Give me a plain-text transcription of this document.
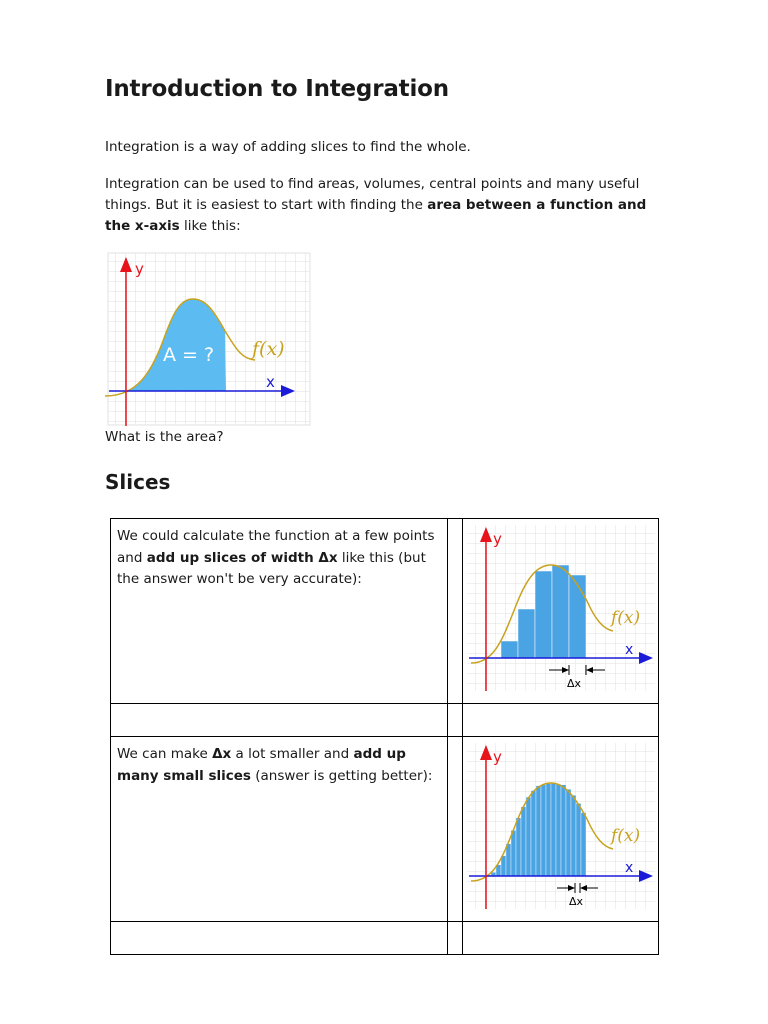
Introduction to Integration

Integration is a way of adding slices to find the whole.

Integration can be used to find areas, volumes, central points and many useful things. But it is easiest to start with finding the area between a function and the x-axis like this:

y
x
A = ? f(x)

What is the area?

Slices
We could calculate the function at a few points and add up slices of width Δx like this (but the answer won't be very accurate):		y
x
f(x)
Δx

We can make Δx a lot smaller and add up many small slices (answer is getting better):		y
x
f(x)
Δx
